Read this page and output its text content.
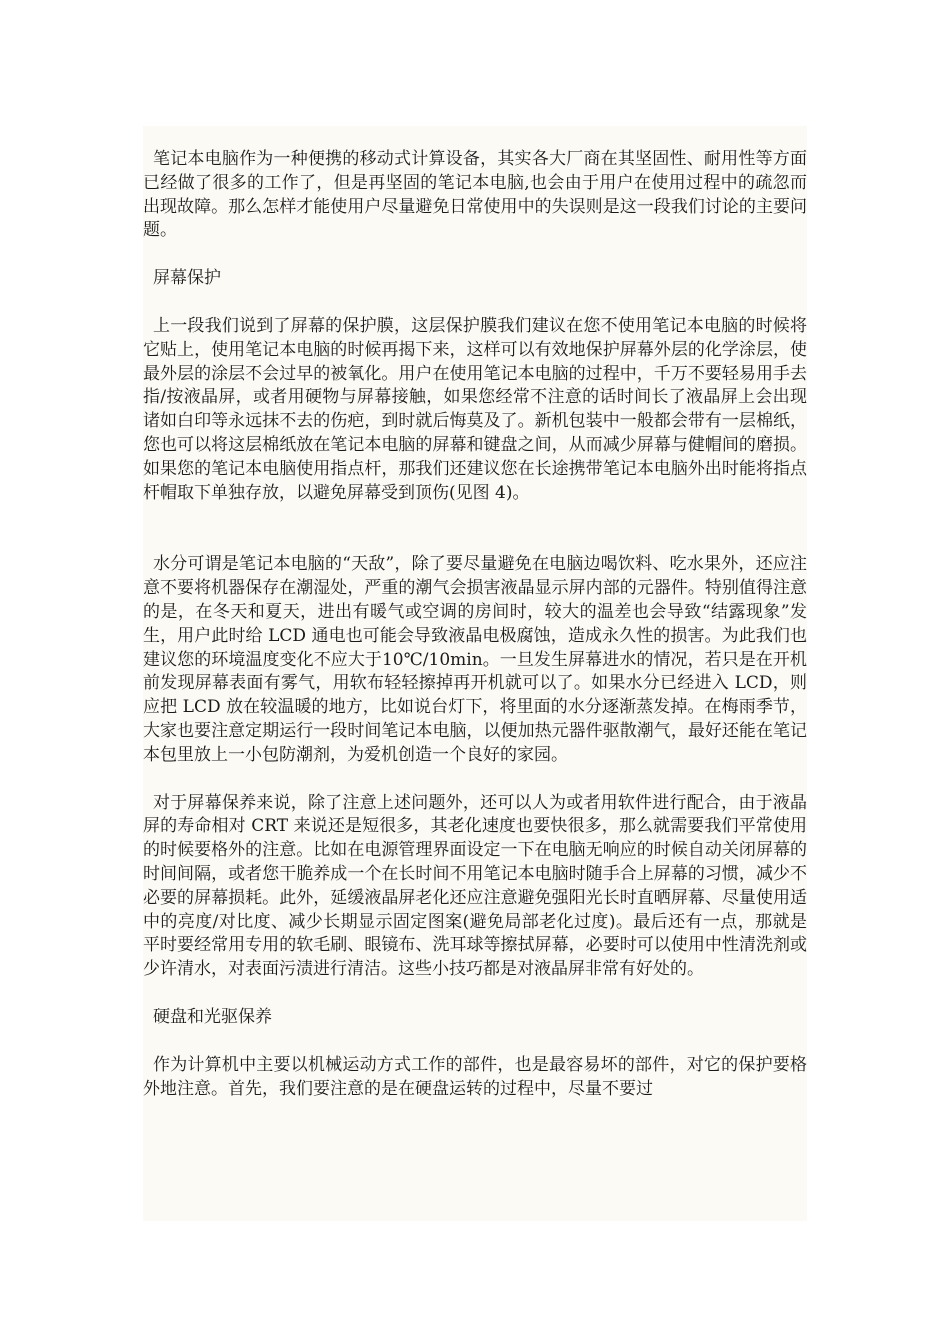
笔记本电脑作为一种便携的移动式计算设备，其实各大厂商在其坚固性、耐用性等方面已经做了很多的工作了，但是再坚固的笔记本电脑,也会由于用户在使用过程中的疏忽而出现故障。那么怎样才能使用户尽量避免日常使用中的失误则是这一段我们讨论的主要问题。

屏幕保护

上一段我们说到了屏幕的保护膜，这层保护膜我们建议在您不使用笔记本电脑的时候将它贴上，使用笔记本电脑的时候再揭下来，这样可以有效地保护屏幕外层的化学涂层，使最外层的涂层不会过早的被氧化。用户在使用笔记本电脑的过程中，千万不要轻易用手去指/按液晶屏，或者用硬物与屏幕接触，如果您经常不注意的话时间长了液晶屏上会出现诸如白印等永远抹不去的伤疤，到时就后悔莫及了。新机包装中一般都会带有一层棉纸，您也可以将这层棉纸放在笔记本电脑的屏幕和键盘之间，从而减少屏幕与健帽间的磨损。如果您的笔记本电脑使用指点杆，那我们还建议您在长途携带笔记本电脑外出时能将指点杆帽取下单独存放，以避免屏幕受到顶伤(见图 4)。

水分可谓是笔记本电脑的“天敌”，除了要尽量避免在电脑边喝饮料、吃水果外，还应注意不要将机器保存在潮湿处，严重的潮气会损害液晶显示屏内部的元器件。特别值得注意的是，在冬天和夏天，进出有暖气或空调的房间时，较大的温差也会导致“结露现象”发生，用户此时给 LCD 通电也可能会导致液晶电极腐蚀，造成永久性的损害。为此我们也建议您的环境温度变化不应大于10℃/10min。一旦发生屏幕进水的情况，若只是在开机前发现屏幕表面有雾气，用软布轻轻擦掉再开机就可以了。如果水分已经进入 LCD，则应把 LCD 放在较温暖的地方，比如说台灯下，将里面的水分逐渐蒸发掉。在梅雨季节，大家也要注意定期运行一段时间笔记本电脑，以便加热元器件驱散潮气，最好还能在笔记本包里放上一小包防潮剂，为爱机创造一个良好的家园。

对于屏幕保养来说，除了注意上述问题外，还可以人为或者用软件进行配合，由于液晶屏的寿命相对 CRT 来说还是短很多，其老化速度也要快很多，那么就需要我们平常使用的时候要格外的注意。比如在电源管理界面设定一下在电脑无响应的时候自动关闭屏幕的时间间隔，或者您干脆养成一个在长时间不用笔记本电脑时随手合上屏幕的习惯，减少不必要的屏幕损耗。此外，延缓液晶屏老化还应注意避免强阳光长时直晒屏幕、尽量使用适中的亮度/对比度、减少长期显示固定图案(避免局部老化过度)。最后还有一点，那就是平时要经常用专用的软毛刷、眼镜布、洗耳球等擦拭屏幕，必要时可以使用中性清洗剂或少许清水，对表面污渍进行清洁。这些小技巧都是对液晶屏非常有好处的。

硬盘和光驱保养

作为计算机中主要以机械运动方式工作的部件，也是最容易坏的部件，对它的保护要格外地注意。首先，我们要注意的是在硬盘运转的过程中，尽量不要过
